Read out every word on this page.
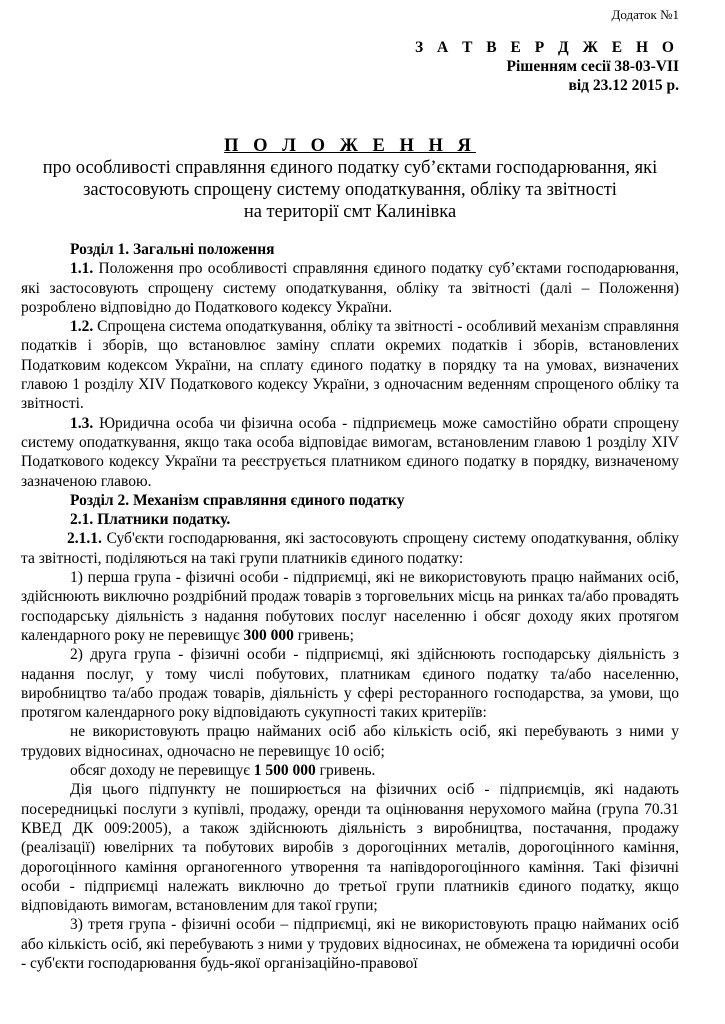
Додаток №1
З А Т В Е Р Д Ж Е Н О
Рішенням сесії 38-03-VII
від 23.12 2015 р.
П О Л О Ж Е Н Н Я
про особливості справляння єдиного податку суб’єктами господарювання, які
застосовують спрощену систему оподаткування, обліку та звітності
на території смт Калинівка

Розділ 1. Загальні положення

1.1. Положення про особливості справляння єдиного податку суб’єктами господарювання, які застосовують спрощену систему оподаткування, обліку та звітності (далі – Положення) розроблено відповідно до Податкового кодексу України.

1.2. Спрощена система оподаткування, обліку та звітності - особливий механізм справляння податків і зборів, що встановлює заміну сплати окремих податків і зборів, встановлених Податковим кодексом України, на сплату єдиного податку в порядку та на умовах, визначених главою 1 розділу XIV Податкового кодексу України, з одночасним веденням спрощеного обліку та звітності.

1.3. Юридична особа чи фізична особа - підприємець може самостійно обрати спрощену систему оподаткування, якщо така особа відповідає вимогам, встановленим главою 1 розділу XIV Податкового кодексу України та реєструється платником єдиного податку в порядку, визначеному зазначеною главою.

Розділ 2. Механізм справляння єдиного податку

2.1. Платники податку.

2.1.1. Суб'єкти господарювання, які застосовують спрощену систему оподаткування, обліку та звітності, поділяються на такі групи платників єдиного податку:

1) перша група - фізичні особи - підприємці, які не використовують працю найманих осіб, здійснюють виключно роздрібний продаж товарів з торговельних місць на ринках та/або провадять господарську діяльність з надання побутових послуг населенню і обсяг доходу яких протягом календарного року не перевищує 300 000 гривень;

2) друга група - фізичні особи - підприємці, які здійснюють господарську діяльність з надання послуг, у тому числі побутових, платникам єдиного податку та/або населенню, виробництво та/або продаж товарів, діяльність у сфері ресторанного господарства, за умови, що протягом календарного року відповідають сукупності таких критеріїв:

не використовують працю найманих осіб або кількість осіб, які перебувають з ними у трудових відносинах, одночасно не перевищує 10 осіб;

обсяг доходу не перевищує 1 500 000 гривень.

Дія цього підпункту не поширюється на фізичних осіб - підприємців, які надають посередницькі послуги з купівлі, продажу, оренди та оцінювання нерухомого майна (група 70.31 КВЕД ДК 009:2005), а також здійснюють діяльність з виробництва, постачання, продажу (реалізації) ювелірних та побутових виробів з дорогоцінних металів, дорогоцінного каміння, дорогоцінного каміння органогенного утворення та напівдорогоцінного каміння. Такі фізичні особи - підприємці належать виключно до третьої групи платників єдиного податку, якщо відповідають вимогам, встановленим для такої групи;

3) третя група - фізичні особи – підприємці, які не використовують працю найманих осіб або кількість осіб, які перебувають з ними у трудових відносинах, не обмежена та юридичні особи - суб'єкти господарювання будь-якої організаційно-правової
